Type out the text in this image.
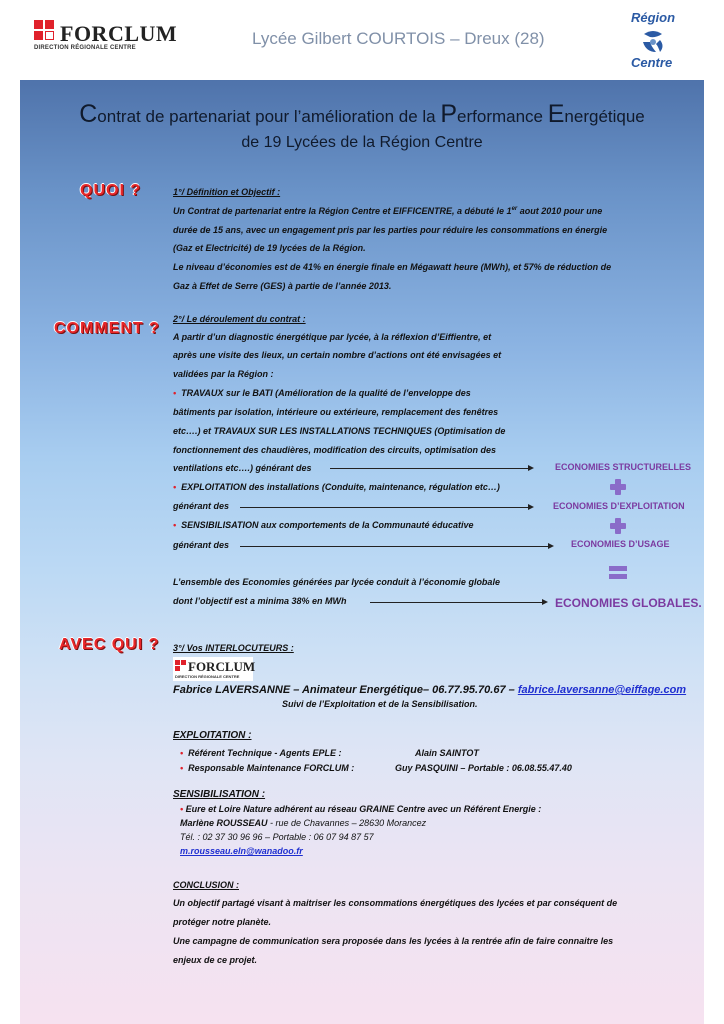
FORCLUM
DIRECTION RÉGIONALE CENTRE	Lycée Gilbert COURTOIS – Dreux (28)
Région
Centre
Contrat de partenariat pour l’amélioration de la Performance Energétique
de 19 Lycées de la Région Centre
QUOI ?
COMMENT ?
AVEC QUI ?
1°/ Définition et Objectif :
Un Contrat de partenariat entre la Région Centre et EIFFICENTRE, a débuté le 1er aout 2010 pour une
durée de 15 ans, avec un engagement pris par les parties pour réduire les consommations en énergie
(Gaz et Electricité) de 19 lycées de la Région.
Le niveau d’économies est de 41% en énergie finale en Mégawatt heure (MWh), et 57% de réduction de
Gaz à Effet de Serre (GES) à partie de l’année 2013.
2°/ Le déroulement du contrat :
A partir d’un diagnostic énergétique par lycée, à la réflexion d’Eiffientre, et
après une visite des lieux, un certain nombre d’actions ont été envisagées et
validées par la Région :
• TRAVAUX sur le BATI (Amélioration de la qualité de l’enveloppe des
bâtiments par isolation, intérieure ou extérieure, remplacement des fenêtres
etc….) et TRAVAUX SUR LES INSTALLATIONS TECHNIQUES (Optimisation de
fonctionnement des chaudières, modification des circuits, optimisation des
ventilations etc….) générant des	ECONOMIES STRUCTURELLES
• EXPLOITATION des installations (Conduite, maintenance, régulation etc…)
générant des	ECONOMIES D’EXPLOITATION
• SENSIBILISATION aux comportements de la Communauté éducative
générant des	ECONOMIES D’USAGE
L’ensemble des Economies générées par lycée conduit à l’économie globale
dont l’objectif est a minima 38% en MWh	ECONOMIES GLOBALES.
3°/ Vos INTERLOCUTEURS :
FORCLUM
DIRECTION RÉGIONALE CENTRE
Fabrice LAVERSANNE – Animateur Energétique– 06.77.95.70.67 – fabrice.laversanne@eiffage.com
Suivi de l’Exploitation et de la Sensibilisation.
EXPLOITATION :
• Référent Technique - Agents EPLE :	Alain SAINTOT
• Responsable Maintenance FORCLUM :	Guy PASQUINI – Portable : 06.08.55.47.40
SENSIBILISATION :
• Eure et Loire Nature adhérent au réseau GRAINE Centre avec un Référent Energie :
Marlène ROUSSEAU - rue de Chavannes – 28630 Morancez
Tél. : 02 37 30 96 96 – Portable : 06 07 94 87 57
m.rousseau.eln@wanadoo.fr
CONCLUSION :
Un objectif partagé visant à maitriser les consommations énergétiques des lycées et par conséquent de
protéger notre planète.
Une campagne de communication sera proposée dans les lycées à la rentrée afin de faire connaitre les
enjeux de ce projet.
